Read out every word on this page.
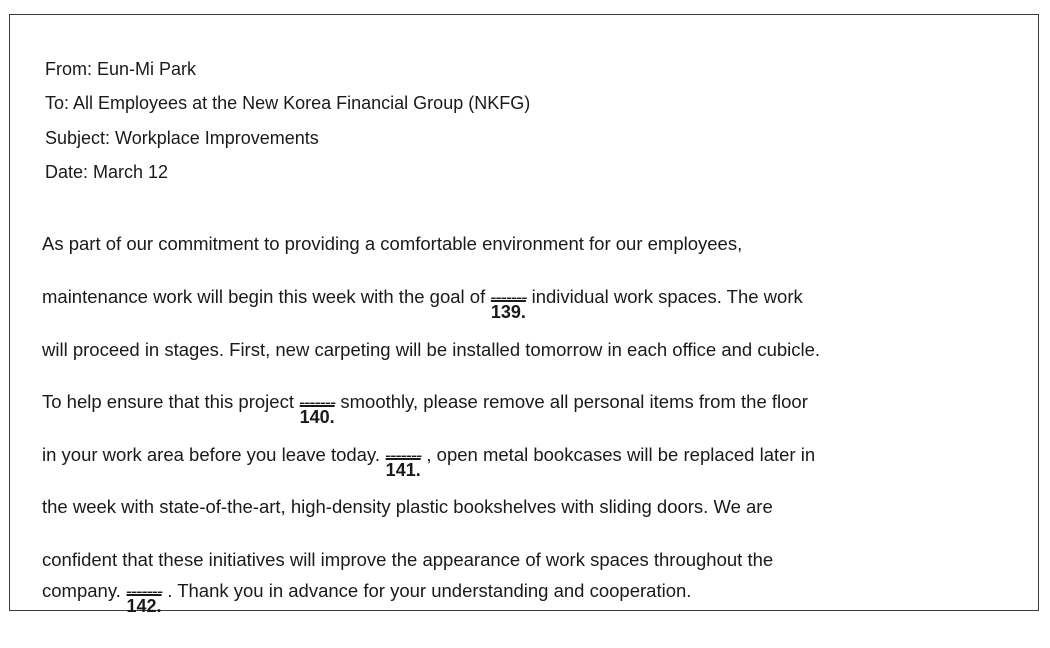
From: Eun-Mi Park
To: All Employees at the New Korea Financial Group (NKFG)
Subject: Workplace Improvements
Date: March 12
As part of our commitment to providing a comfortable environment for our employees,
maintenance work will begin this week with the goal of -------
139.
individual work spaces. The work
will proceed in stages. First, new carpeting will be installed tomorrow in each office and cubicle.
To help ensure that this project -------
140.
smoothly, please remove all personal items from the floor
in your work area before you leave today. -------
141.
, open metal bookcases will be replaced later in
the week with state-of-the-art, high-density plastic bookshelves with sliding doors. We are
confident that these initiatives will improve the appearance of work spaces throughout the
company. -------
142.
. Thank you in advance for your understanding and cooperation.
